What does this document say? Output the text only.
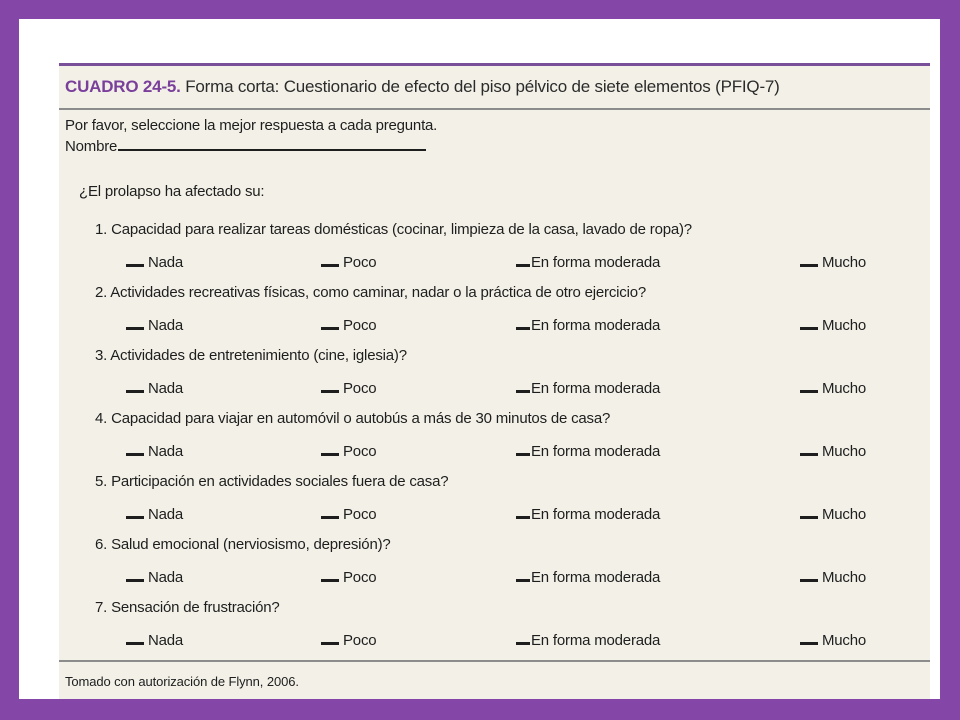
CUADRO 24-5. Forma corta: Cuestionario de efecto del piso pélvico de siete elementos (PFIQ-7)
Por favor, seleccione la mejor respuesta a cada pregunta.
Nombre
¿El prolapso ha afectado su:
1. Capacidad para realizar tareas domésticas (cocinar, limpieza de la casa, lavado de ropa)?
Nada	Poco	En forma moderada	Mucho
2. Actividades recreativas físicas, como caminar, nadar o la práctica de otro ejercicio?
Nada	Poco	En forma moderada	Mucho
3. Actividades de entretenimiento (cine, iglesia)?
Nada	Poco	En forma moderada	Mucho
4. Capacidad para viajar en automóvil o autobús a más de 30 minutos de casa?
Nada	Poco	En forma moderada	Mucho
5. Participación en actividades sociales fuera de casa?
Nada	Poco	En forma moderada	Mucho
6. Salud emocional (nerviosismo, depresión)?
Nada	Poco	En forma moderada	Mucho
7. Sensación de frustración?
Nada	Poco	En forma moderada	Mucho
Tomado con autorización de Flynn, 2006.
